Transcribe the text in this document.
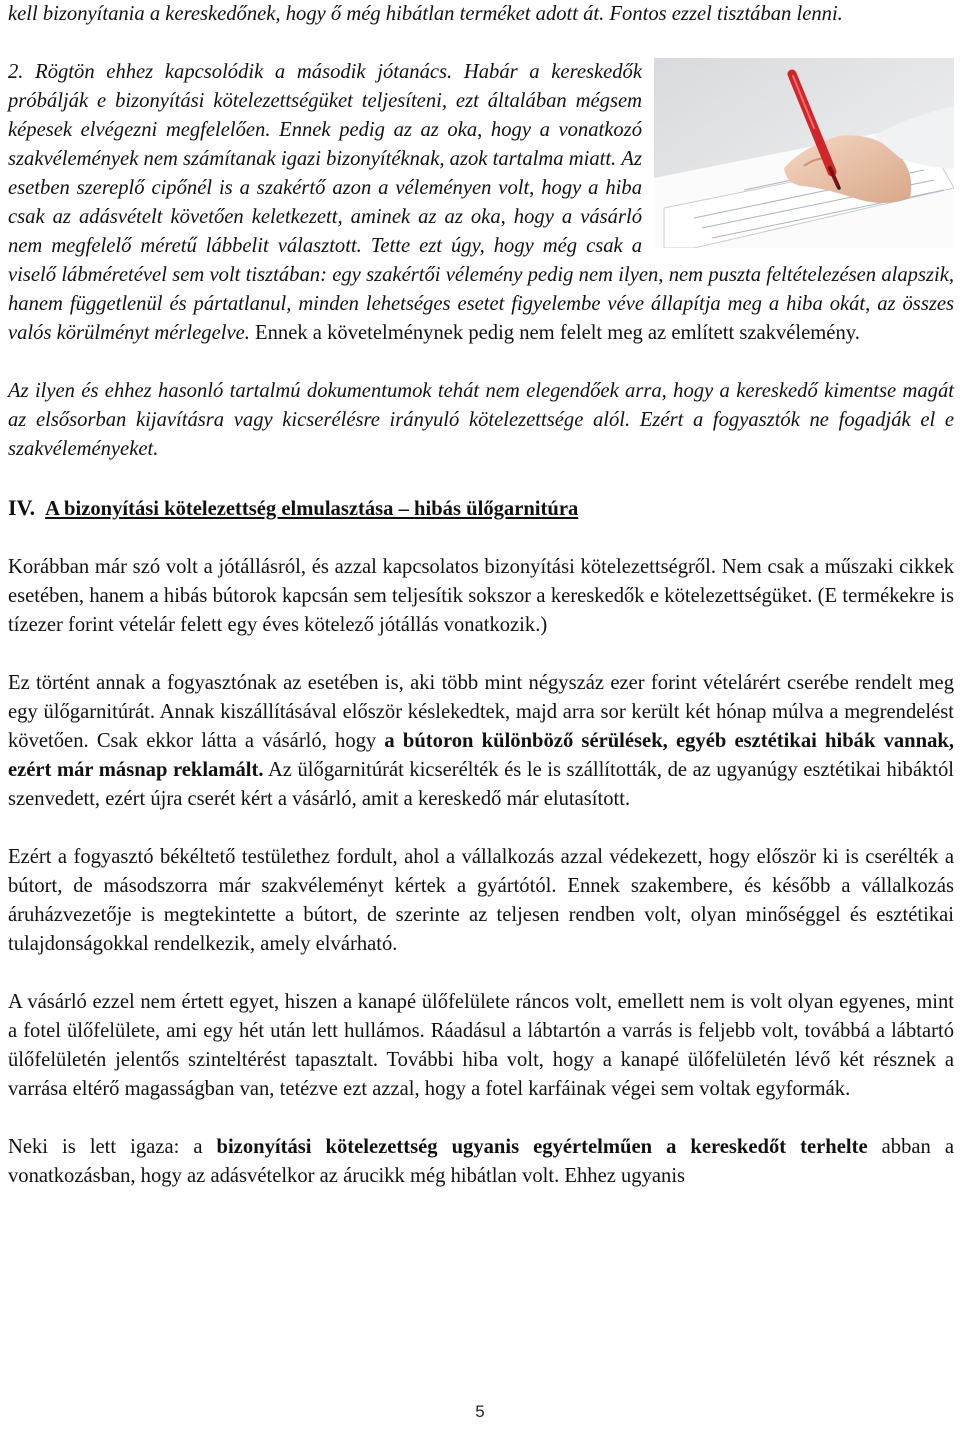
kell bizonyítania a kereskedőnek, hogy ő még hibátlan terméket adott át. Fontos ezzel tisztában lenni.

2. Rögtön ehhez kapcsolódik a második jótanács. Habár a kereskedők próbálják e bizonyítási kötelezettségüket teljesíteni, ezt általában mégsem képesek elvégezni megfelelően. Ennek pedig az az oka, hogy a vonatkozó szakvélemények nem számítanak igazi bizonyítéknak, azok tartalma miatt. Az esetben szereplő cipőnél is a szakértő azon a véleményen volt, hogy a hiba csak az adásvételt követően keletkezett, aminek az az oka, hogy a vásárló nem megfelelő méretű lábbelit választott. Tette ezt úgy, hogy még csak a viselő lábméretével sem volt tisztában: egy szakértői vélemény pedig nem ilyen, nem puszta feltételezésen alapszik, hanem függetlenül és pártatlanul, minden lehetséges esetet figyelembe véve állapítja meg a hiba okát, az összes valós körülményt mérlegelve. Ennek a követelménynek pedig nem felelt meg az említett szakvélemény.

Az ilyen és ehhez hasonló tartalmú dokumentumok tehát nem elegendőek arra, hogy a kereskedő kimentse magát az elsősorban kijavításra vagy kicserélésre irányuló kötelezettsége alól. Ezért a fogyasztók ne fogadják el e szakvéleményeket.

IV. A bizonyítási kötelezettség elmulasztása – hibás ülőgarnitúra

Korábban már szó volt a jótállásról, és azzal kapcsolatos bizonyítási kötelezettségről. Nem csak a műszaki cikkek esetében, hanem a hibás bútorok kapcsán sem teljesítik sokszor a kereskedők e kötelezettségüket. (E termékekre is tízezer forint vételár felett egy éves kötelező jótállás vonatkozik.)

Ez történt annak a fogyasztónak az esetében is, aki több mint négyszáz ezer forint vételárért cserébe rendelt meg egy ülőgarnitúrát. Annak kiszállításával először késlekedtek, majd arra sor került két hónap múlva a megrendelést követően. Csak ekkor látta a vásárló, hogy a bútoron különböző sérülések, egyéb esztétikai hibák vannak, ezért már másnap reklamált. Az ülőgarnitúrát kicserélték és le is szállították, de az ugyanúgy esztétikai hibáktól szenvedett, ezért újra cserét kért a vásárló, amit a kereskedő már elutasított.

Ezért a fogyasztó békéltető testülethez fordult, ahol a vállalkozás azzal védekezett, hogy először ki is cserélték a bútort, de másodszorra már szakvéleményt kértek a gyártótól. Ennek szakembere, és később a vállalkozás áruházvezetője is megtekintette a bútort, de szerinte az teljesen rendben volt, olyan minőséggel és esztétikai tulajdonságokkal rendelkezik, amely elvárható.

A vásárló ezzel nem értett egyet, hiszen a kanapé ülőfelülete ráncos volt, emellett nem is volt olyan egyenes, mint a fotel ülőfelülete, ami egy hét után lett hullámos. Ráadásul a lábtartón a varrás is feljebb volt, továbbá a lábtartó ülőfelületén jelentős szinteltérést tapasztalt. További hiba volt, hogy a kanapé ülőfelületén lévő két résznek a varrása eltérő magasságban van, tetézve ezt azzal, hogy a fotel karfáinak végei sem voltak egyformák.

Neki is lett igaza: a bizonyítási kötelezettség ugyanis egyértelműen a kereskedőt terhelte abban a vonatkozásban, hogy az adásvételkor az árucikk még hibátlan volt. Ehhez ugyanis

5
